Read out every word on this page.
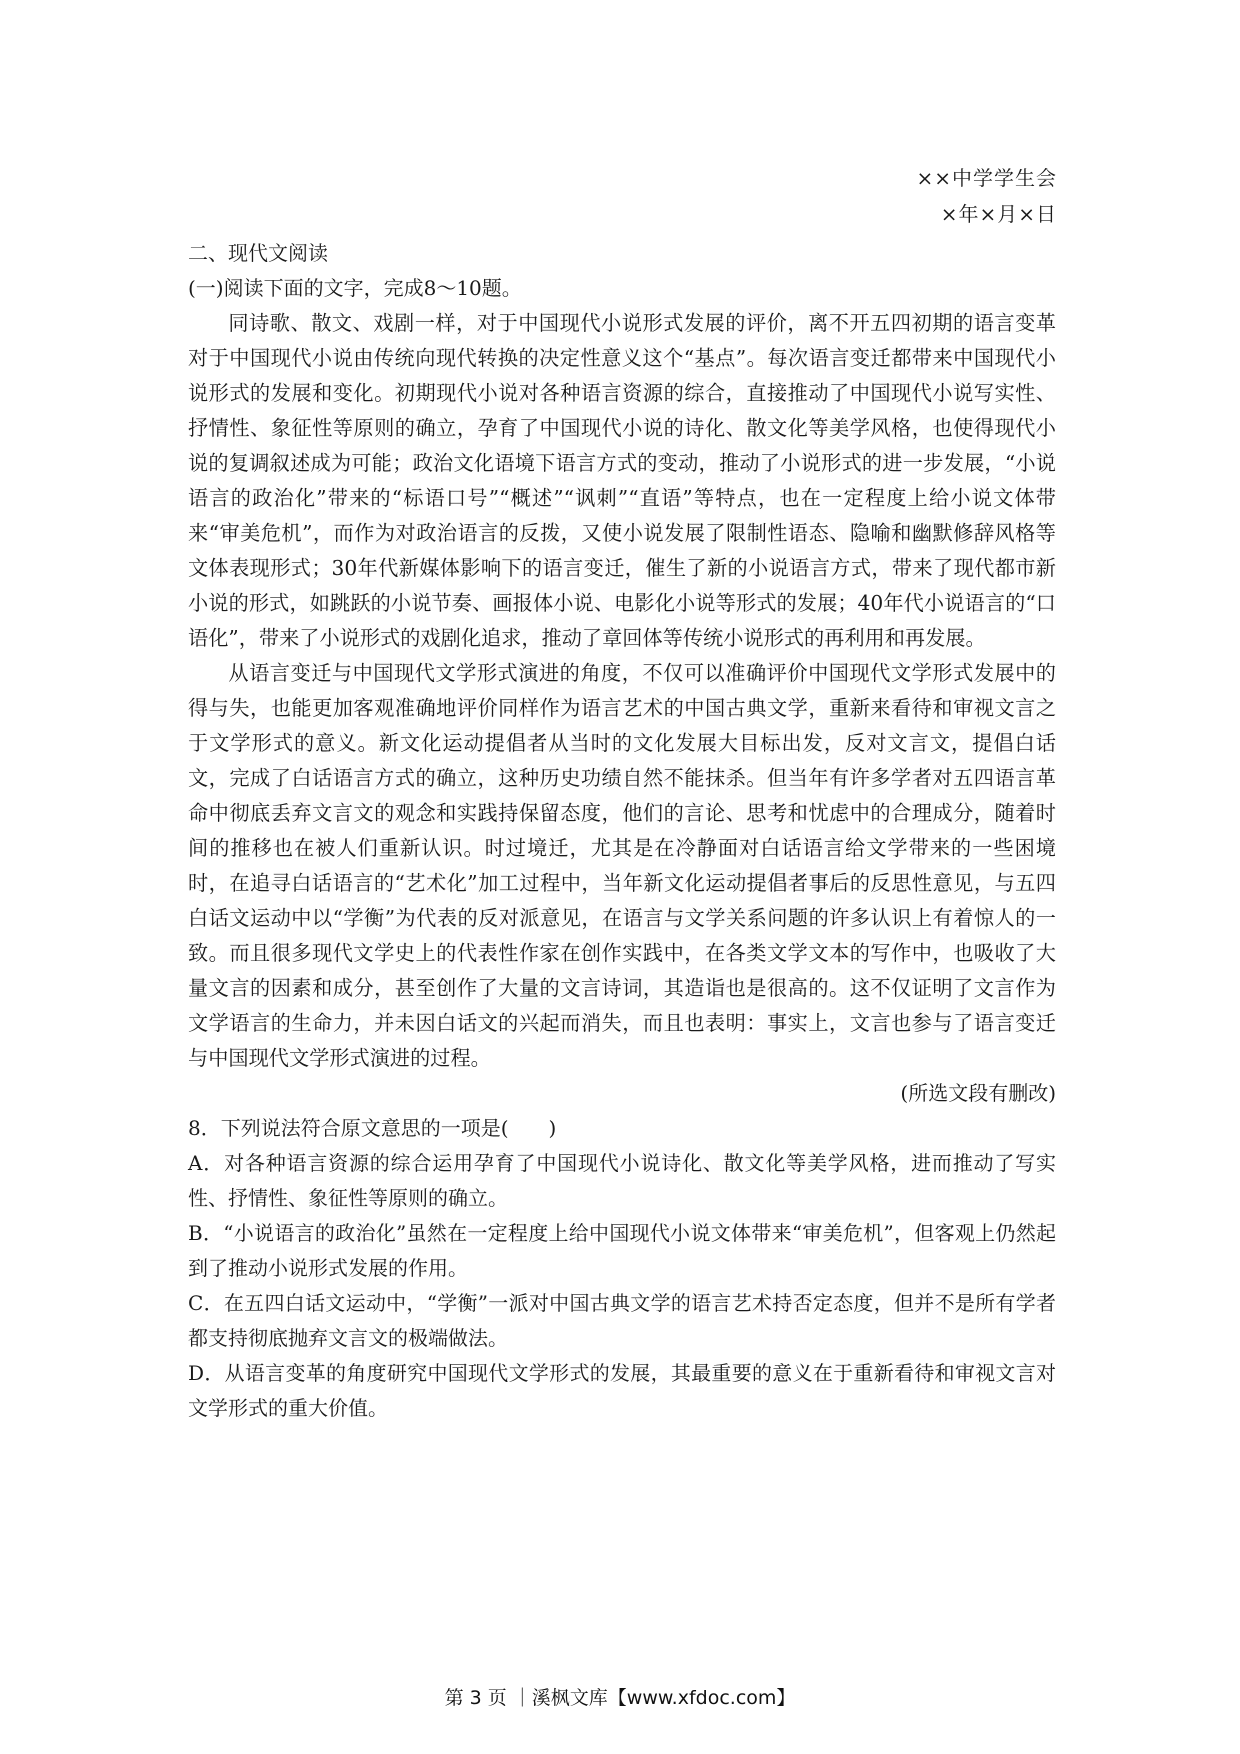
××中学学生会
×年×月×日
二、现代文阅读
(一)阅读下面的文字，完成8～10题。
同诗歌、散文、戏剧一样，对于中国现代小说形式发展的评价，离不开五四初期的语言变革对于中国现代小说由传统向现代转换的决定性意义这个“基点”。每次语言变迁都带来中国现代小说形式的发展和变化。初期现代小说对各种语言资源的综合，直接推动了中国现代小说写实性、抒情性、象征性等原则的确立，孕育了中国现代小说的诗化、散文化等美学风格，也使得现代小说的复调叙述成为可能；政治文化语境下语言方式的变动，推动了小说形式的进一步发展，“小说语言的政治化”带来的“标语口号”“概述”“讽刺”“直语”等特点，也在一定程度上给小说文体带来“审美危机”，而作为对政治语言的反拨，又使小说发展了限制性语态、隐喻和幽默修辞风格等文体表现形式；30年代新媒体影响下的语言变迁，催生了新的小说语言方式，带来了现代都市新小说的形式，如跳跃的小说节奏、画报体小说、电影化小说等形式的发展；40年代小说语言的“口语化”，带来了小说形式的戏剧化追求，推动了章回体等传统小说形式的再利用和再发展。
从语言变迁与中国现代文学形式演进的角度，不仅可以准确评价中国现代文学形式发展中的得与失，也能更加客观准确地评价同样作为语言艺术的中国古典文学，重新来看待和审视文言之于文学形式的意义。新文化运动提倡者从当时的文化发展大目标出发，反对文言文，提倡白话文，完成了白话语言方式的确立，这种历史功绩自然不能抹杀。但当年有许多学者对五四语言革命中彻底丢弃文言文的观念和实践持保留态度，他们的言论、思考和忧虑中的合理成分，随着时间的推移也在被人们重新认识。时过境迁，尤其是在冷静面对白话语言给文学带来的一些困境时，在追寻白话语言的“艺术化”加工过程中，当年新文化运动提倡者事后的反思性意见，与五四白话文运动中以“学衡”为代表的反对派意见，在语言与文学关系问题的许多认识上有着惊人的一致。而且很多现代文学史上的代表性作家在创作实践中，在各类文学文本的写作中，也吸收了大量文言的因素和成分，甚至创作了大量的文言诗词，其造诣也是很高的。这不仅证明了文言作为文学语言的生命力，并未因白话文的兴起而消失，而且也表明：事实上，文言也参与了语言变迁与中国现代文学形式演进的过程。
(所选文段有删改)
8．下列说法符合原文意思的一项是(　　)
A．对各种语言资源的综合运用孕育了中国现代小说诗化、散文化等美学风格，进而推动了写实性、抒情性、象征性等原则的确立。
B．“小说语言的政治化”虽然在一定程度上给中国现代小说文体带来“审美危机”，但客观上仍然起到了推动小说形式发展的作用。
C．在五四白话文运动中，“学衡”一派对中国古典文学的语言艺术持否定态度，但并不是所有学者都支持彻底抛弃文言文的极端做法。
D．从语言变革的角度研究中国现代文学形式的发展，其最重要的意义在于重新看待和审视文言对文学形式的重大价值。
第 3 页 ｜溪枫文库【www.xfdoc.com】
